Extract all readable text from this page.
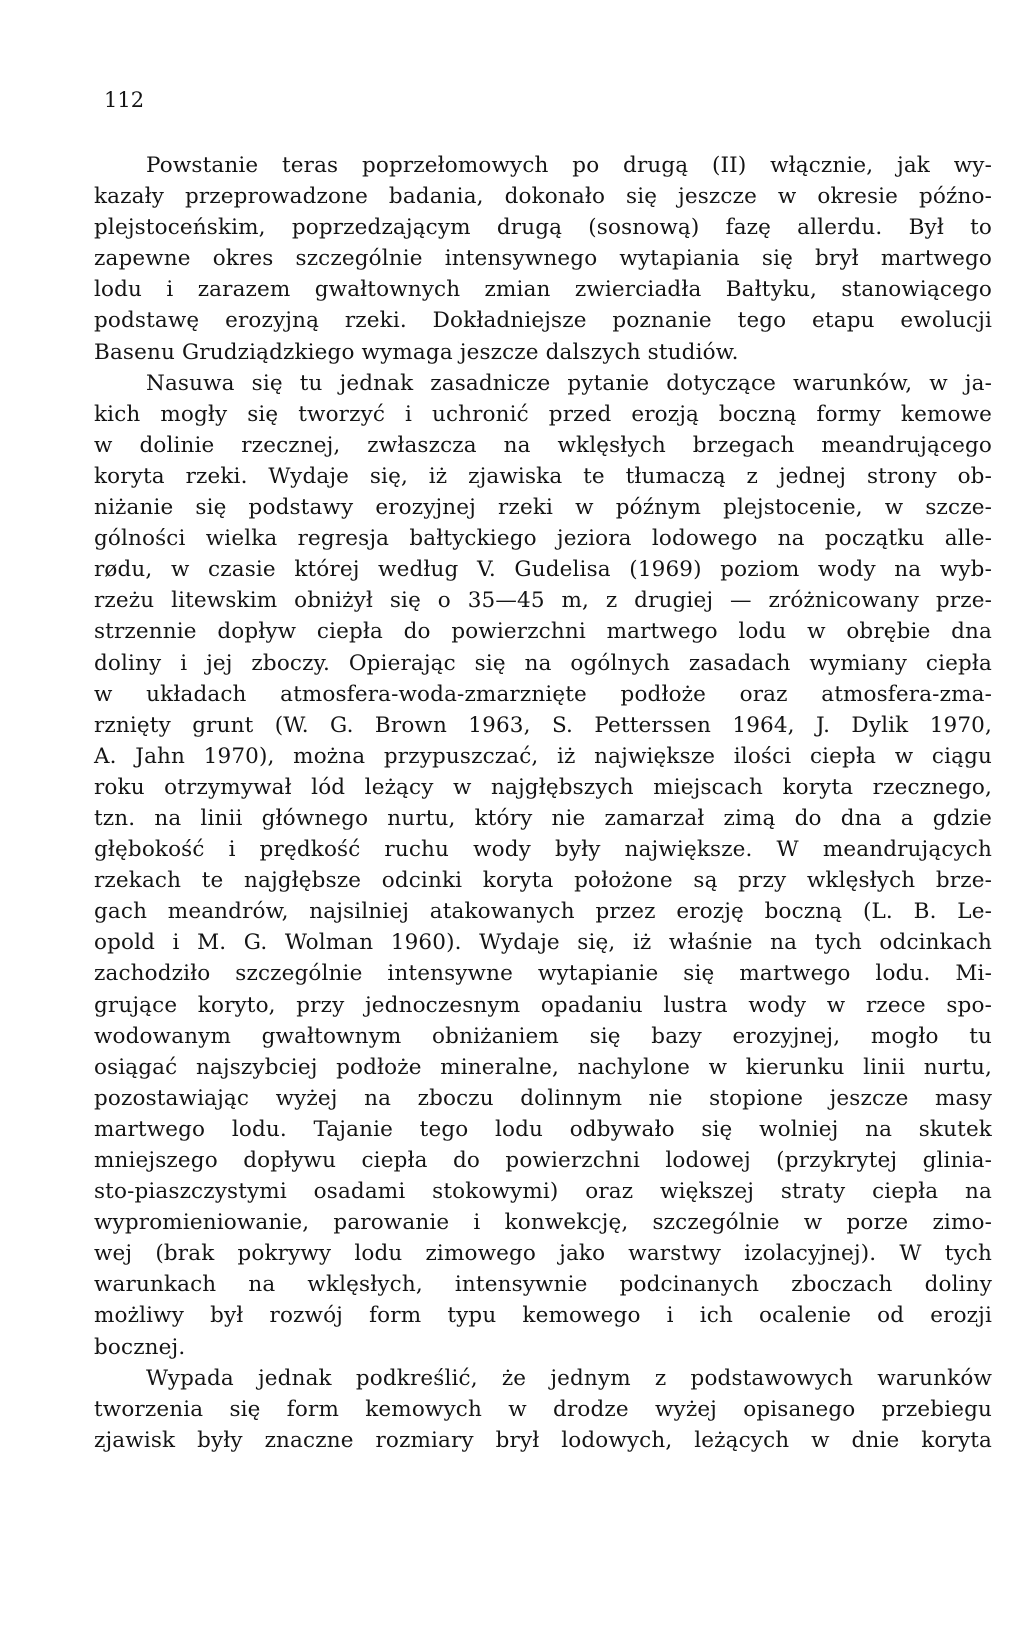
112

Powstanie teras poprzełomowych po drugą (II) włącznie, jak wy-
kazały przeprowadzone badania, dokonało się jeszcze w okresie późno-
plejstoceńskim, poprzedzającym drugą (sosnową) fazę allerdu. Był to
zapewne okres szczególnie intensywnego wytapiania się brył martwego
lodu i zarazem gwałtownych zmian zwierciadła Bałtyku, stanowiącego
podstawę erozyjną rzeki. Dokładniejsze poznanie tego etapu ewolucji
Basenu Grudziądzkiego wymaga jeszcze dalszych studiów.
Nasuwa się tu jednak zasadnicze pytanie dotyczące warunków, w ja-
kich mogły się tworzyć i uchronić przed erozją boczną formy kemowe
w dolinie rzecznej, zwłaszcza na wklęsłych brzegach meandrującego
koryta rzeki. Wydaje się, iż zjawiska te tłumaczą z jednej strony ob-
niżanie się podstawy erozyjnej rzeki w późnym plejstocenie, w szcze-
gólności wielka regresja bałtyckiego jeziora lodowego na początku alle-
rødu, w czasie której według V. Gudelisa (1969) poziom wody na wyb-
rzeżu litewskim obniżył się o 35—45 m, z drugiej — zróżnicowany prze-
strzennie dopływ ciepła do powierzchni martwego lodu w obrębie dna
doliny i jej zboczy. Opierając się na ogólnych zasadach wymiany ciepła
w układach atmosfera-woda-zmarznięte podłoże oraz atmosfera-zma-
rznięty grunt (W. G. Brown 1963, S. Petterssen 1964, J. Dylik 1970,
A. Jahn 1970), można przypuszczać, iż największe ilości ciepła w ciągu
roku otrzymywał lód leżący w najgłębszych miejscach koryta rzecznego,
tzn. na linii głównego nurtu, który nie zamarzał zimą do dna a gdzie
głębokość i prędkość ruchu wody były największe. W meandrujących
rzekach te najgłębsze odcinki koryta położone są przy wklęsłych brze-
gach meandrów, najsilniej atakowanych przez erozję boczną (L. B. Le-
opold i M. G. Wolman 1960). Wydaje się, iż właśnie na tych odcinkach
zachodziło szczególnie intensywne wytapianie się martwego lodu. Mi-
grujące koryto, przy jednoczesnym opadaniu lustra wody w rzece spo-
wodowanym gwałtownym obniżaniem się bazy erozyjnej, mogło tu
osiągać najszybciej podłoże mineralne, nachylone w kierunku linii nurtu,
pozostawiając wyżej na zboczu dolinnym nie stopione jeszcze masy
martwego lodu. Tajanie tego lodu odbywało się wolniej na skutek
mniejszego dopływu ciepła do powierzchni lodowej (przykrytej glinia-
sto-piaszczystymi osadami stokowymi) oraz większej straty ciepła na
wypromieniowanie, parowanie i konwekcję, szczególnie w porze zimo-
wej (brak pokrywy lodu zimowego jako warstwy izolacyjnej). W tych
warunkach na wklęsłych, intensywnie podcinanych zboczach doliny
możliwy był rozwój form typu kemowego i ich ocalenie od erozji
bocznej.
Wypada jednak podkreślić, że jednym z podstawowych warunków
tworzenia się form kemowych w drodze wyżej opisanego przebiegu
zjawisk były znaczne rozmiary brył lodowych, leżących w dnie koryta
